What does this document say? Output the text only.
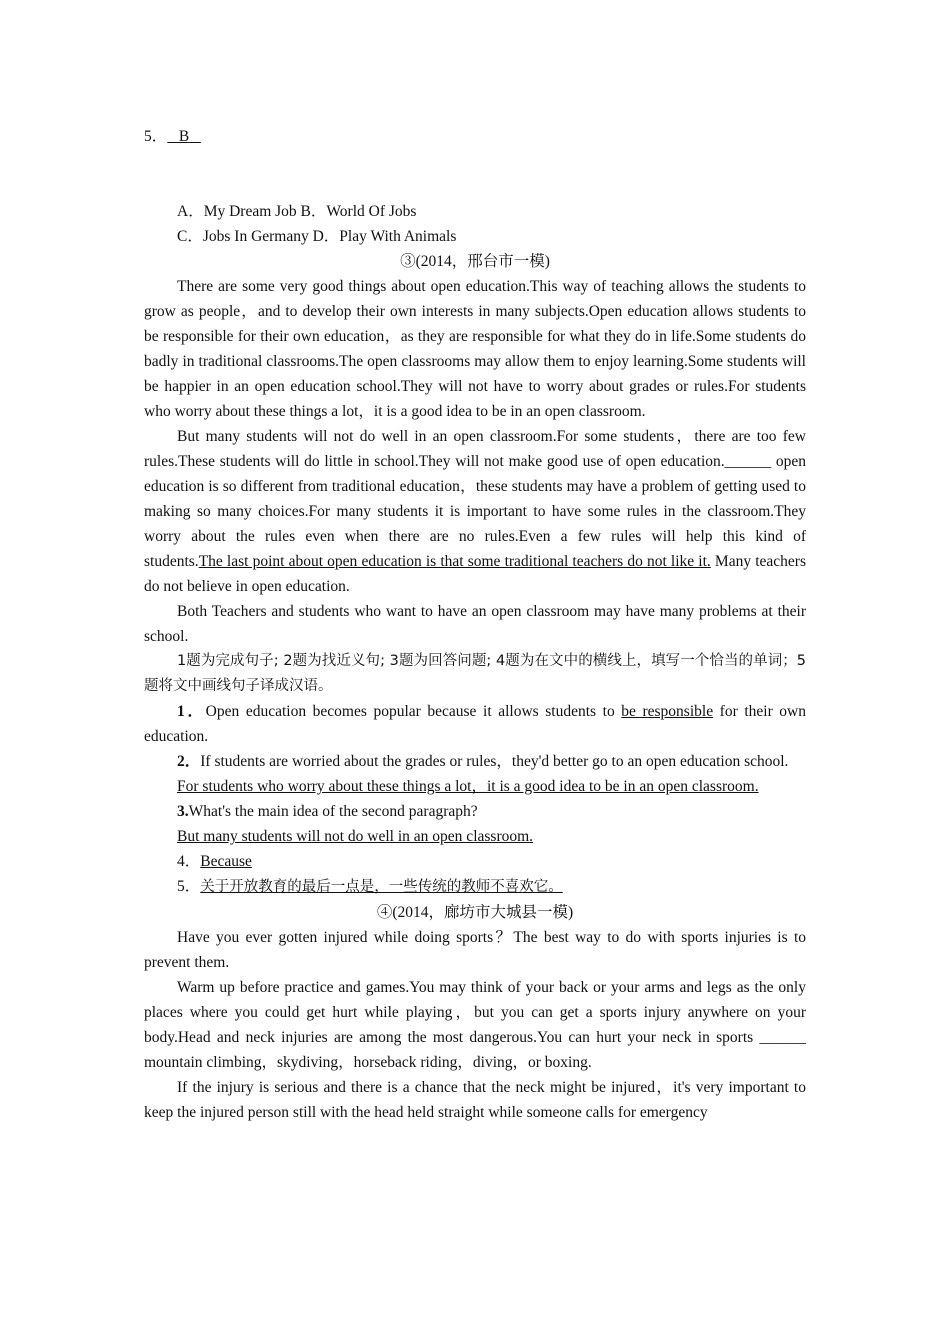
5． B

A．My Dream Job B．World Of Jobs

C．Jobs In Germany D．Play With Animals

③(2014，邢台市一模)

There are some very good things about open education.This way of teaching allows the students to grow as people，and to develop their own interests in many subjects.Open education allows students to be responsible for their own education，as they are responsible for what they do in life.Some students do badly in traditional classrooms.The open classrooms may allow them to enjoy learning.Some students will be happier in an open education school.They will not have to worry about grades or rules.For students who worry about these things a lot，it is a good idea to be in an open classroom.

But many students will not do well in an open classroom.For some students，there are too few rules.These students will do little in school.They will not make good use of open education.______ open education is so different from traditional education，these students may have a problem of getting used to making so many choices.For many students it is important to have some rules in the classroom.They worry about the rules even when there are no rules.Even a few rules will help this kind of

students.The last point about open education is that some traditional teachers do not like it. Many teachers do not believe in open education.

Both Teachers and students who want to have an open classroom may have many problems at their school.

1题为完成句子; 2题为找近义句; 3题为回答问题; 4题为在文中的横线上，填写一个恰当的单词；5题将文中画线句子译成汉语。

1．Open education becomes popular because it allows students to be responsible for their own education.

2．If students are worried about the grades or rules，they'd better go to an open education school.

For students who worry about these things a lot，it is a good idea to be in an open classroom.

3.What's the main idea of the second paragraph?

But many students will not do well in an open classroom.

4．Because

5．关于开放教育的最后一点是，一些传统的教师不喜欢它。

④(2014，廊坊市大城县一模)

Have you ever gotten injured while doing sports？The best way to do with sports injuries is to prevent them.

Warm up before practice and games.You may think of your back or your arms and legs as the only places where you could get hurt while playing，but you can get a sports injury anywhere on your body.Head and neck injuries are among the most dangerous.You can hurt your neck in sports ______ mountain climbing，skydiving，horseback riding，diving，or boxing.

If the injury is serious and there is a chance that the neck might be injured，it's very important to keep the injured person still with the head held straight while someone calls for emergency
